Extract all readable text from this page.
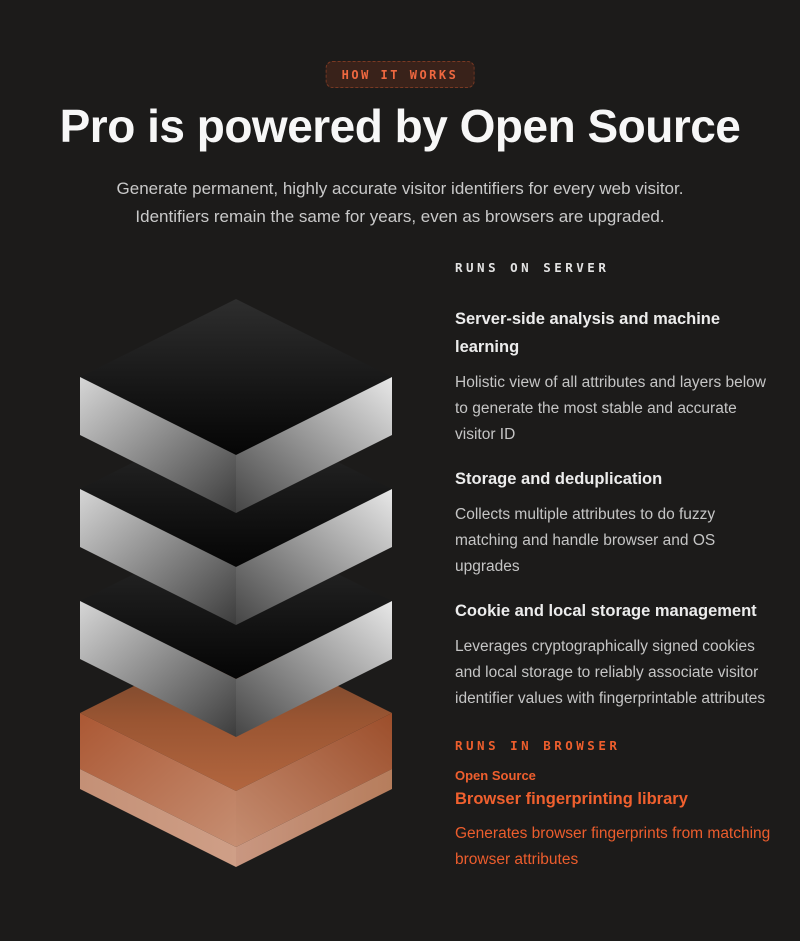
HOW IT WORKS
Pro is powered by Open Source

Generate permanent, highly accurate visitor identifiers for every web visitor.
Identifiers remain the same for years, even as browsers are upgraded.

RUNS ON SERVER
Server-side analysis and machine learning
Holistic view of all attributes and layers below to generate the most stable and accurate visitor ID
Storage and deduplication
Collects multiple attributes to do fuzzy matching and handle browser and OS upgrades
Cookie and local storage management
Leverages cryptographically signed cookies and local storage to reliably associate visitor identifier values with fingerprintable attributes
RUNS IN BROWSER
Open Source
Browser fingerprinting library
Generates browser fingerprints from matching browser attributes
